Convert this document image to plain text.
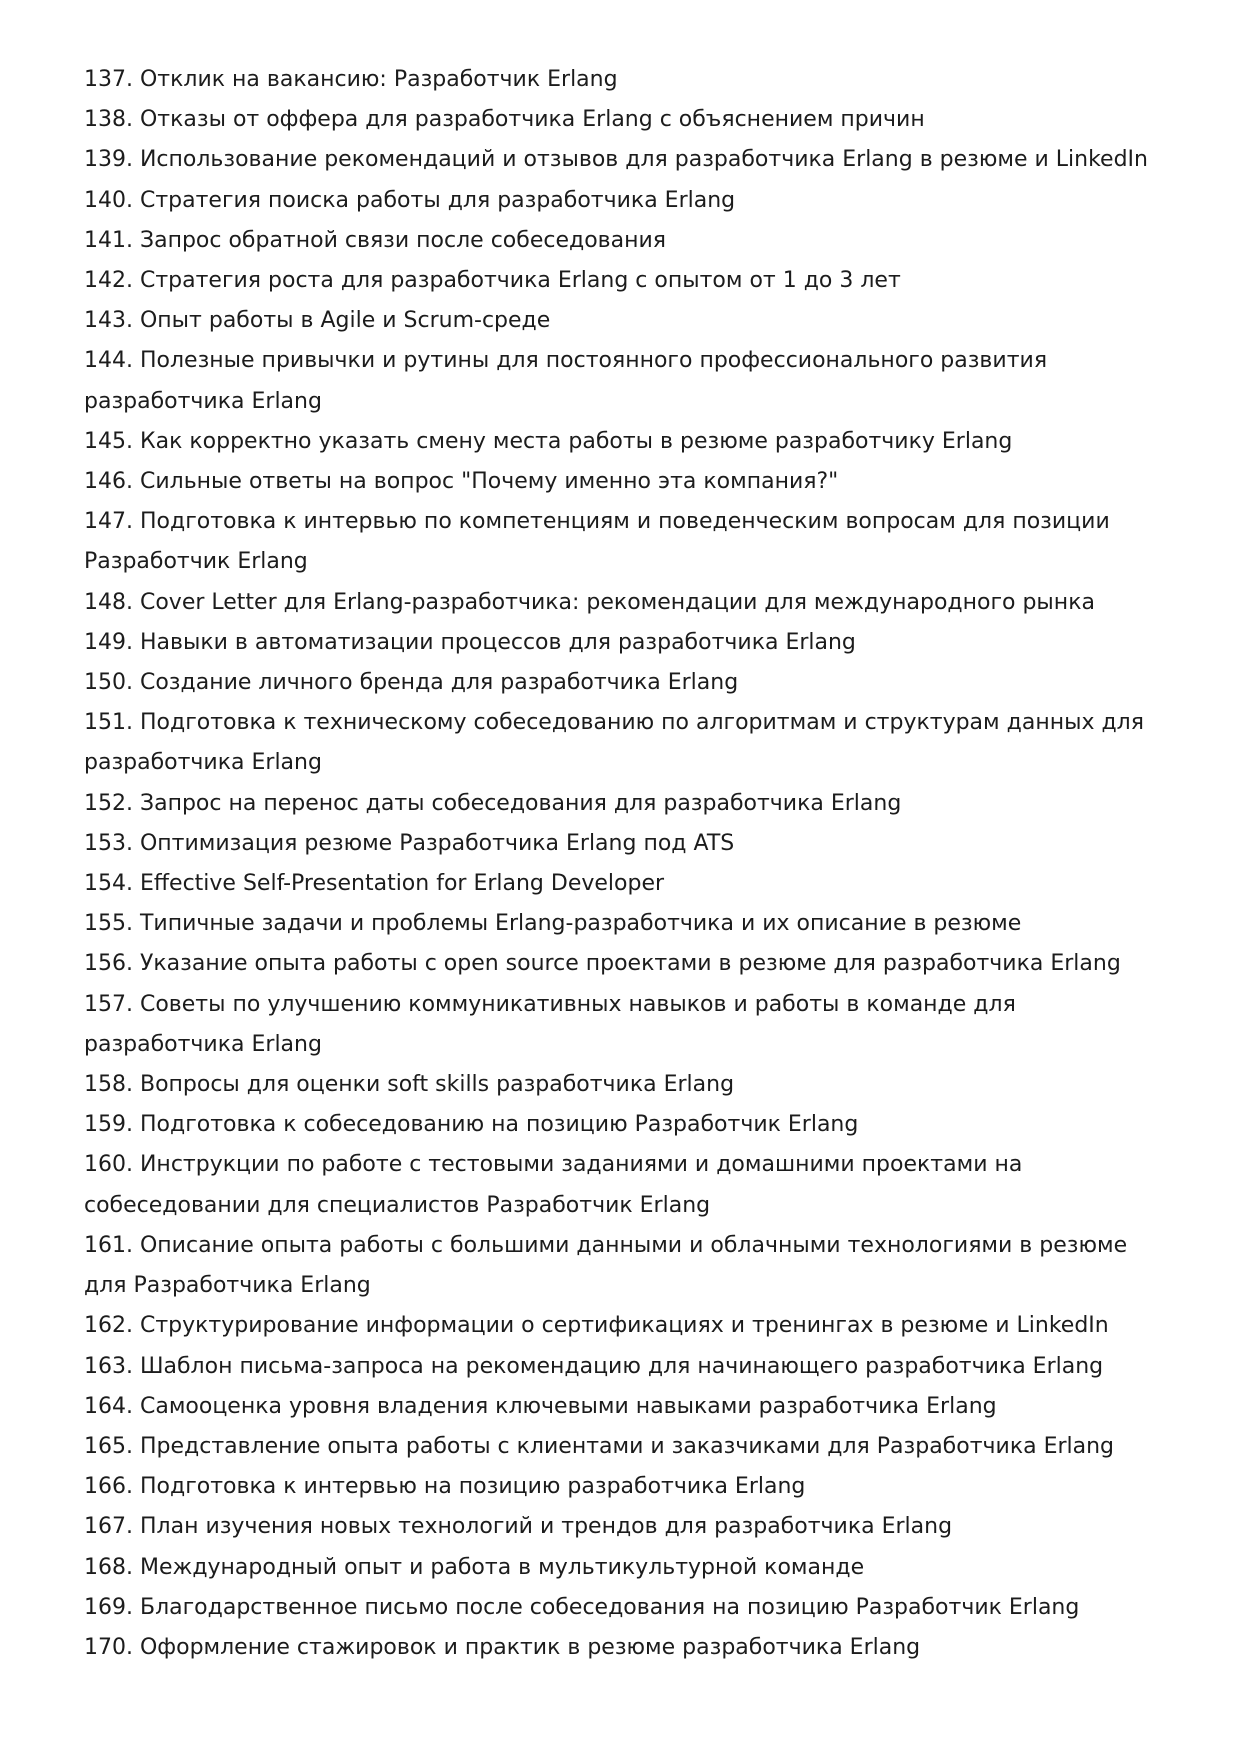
137. Отклик на вакансию: Разработчик Erlang
138. Отказы от оффера для разработчика Erlang с объяснением причин
139. Использование рекомендаций и отзывов для разработчика Erlang в резюме и LinkedIn
140. Стратегия поиска работы для разработчика Erlang
141. Запрос обратной связи после собеседования
142. Стратегия роста для разработчика Erlang с опытом от 1 до 3 лет
143. Опыт работы в Agile и Scrum-среде
144. Полезные привычки и рутины для постоянного профессионального развития разработчика Erlang
145. Как корректно указать смену места работы в резюме разработчику Erlang
146. Сильные ответы на вопрос "Почему именно эта компания?"
147. Подготовка к интервью по компетенциям и поведенческим вопросам для позиции Разработчик Erlang
148. Cover Letter для Erlang-разработчика: рекомендации для международного рынка
149. Навыки в автоматизации процессов для разработчика Erlang
150. Создание личного бренда для разработчика Erlang
151. Подготовка к техническому собеседованию по алгоритмам и структурам данных для разработчика Erlang
152. Запрос на перенос даты собеседования для разработчика Erlang
153. Оптимизация резюме Разработчика Erlang под ATS
154. Effective Self-Presentation for Erlang Developer
155. Типичные задачи и проблемы Erlang-разработчика и их описание в резюме
156. Указание опыта работы с open source проектами в резюме для разработчика Erlang
157. Советы по улучшению коммуникативных навыков и работы в команде для разработчика Erlang
158. Вопросы для оценки soft skills разработчика Erlang
159. Подготовка к собеседованию на позицию Разработчик Erlang
160. Инструкции по работе с тестовыми заданиями и домашними проектами на собеседовании для специалистов Разработчик Erlang
161. Описание опыта работы с большими данными и облачными технологиями в резюме для Разработчика Erlang
162. Структурирование информации о сертификациях и тренингах в резюме и LinkedIn
163. Шаблон письма-запроса на рекомендацию для начинающего разработчика Erlang
164. Самооценка уровня владения ключевыми навыками разработчика Erlang
165. Представление опыта работы с клиентами и заказчиками для Разработчика Erlang
166. Подготовка к интервью на позицию разработчика Erlang
167. План изучения новых технологий и трендов для разработчика Erlang
168. Международный опыт и работа в мультикультурной команде
169. Благодарственное письмо после собеседования на позицию Разработчик Erlang
170. Оформление стажировок и практик в резюме разработчика Erlang
